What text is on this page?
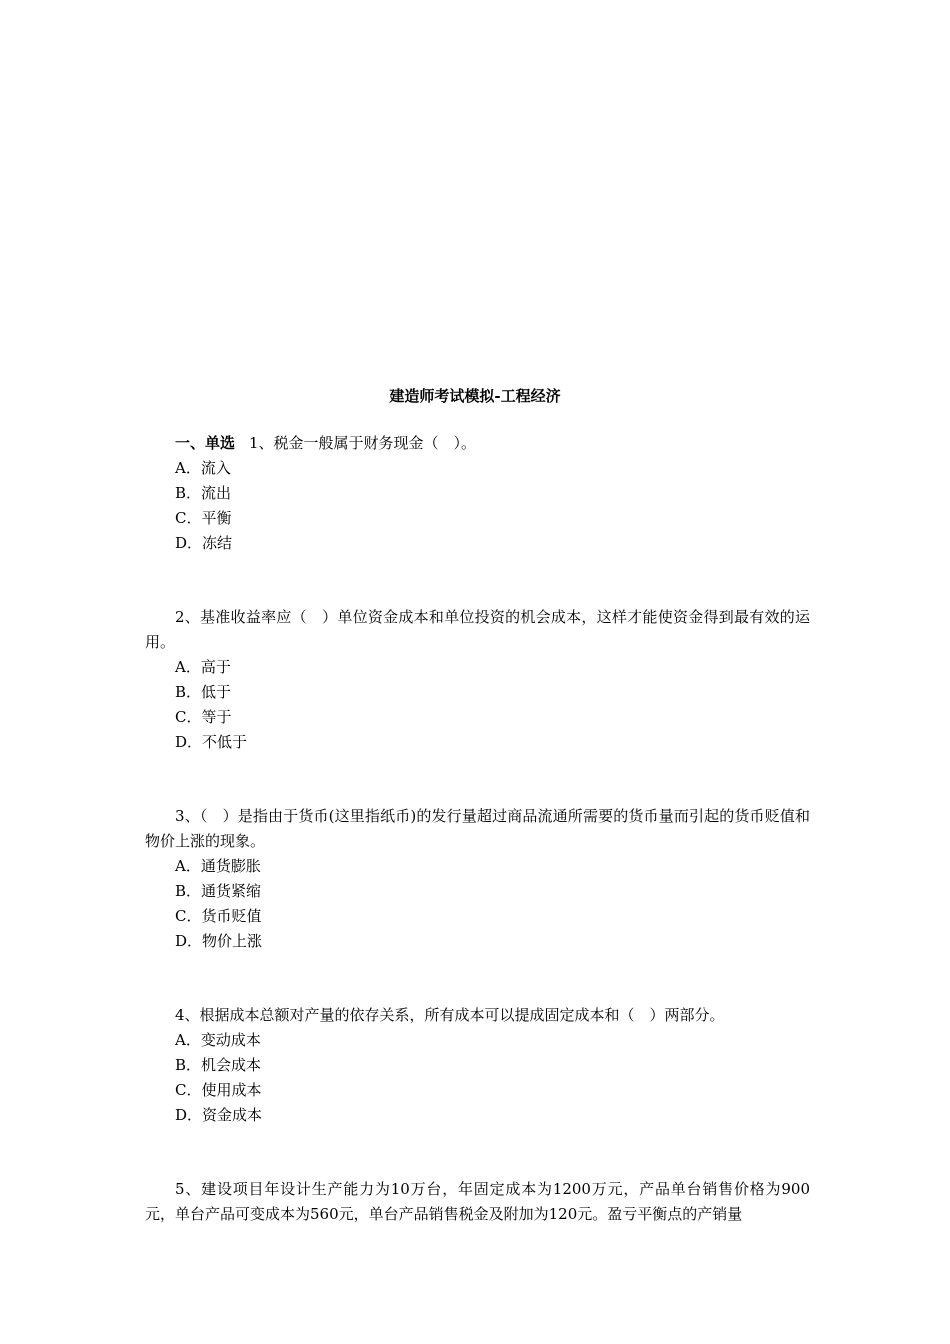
建造师考试模拟-工程经济
一、单选 1、税金一般属于财务现金（　）。
A．流入
B．流出
C．平衡
D．冻结
2、基准收益率应（　）单位资金成本和单位投资的机会成本，这样才能使资金得到最有效的运用。
A．高于
B．低于
C．等于
D．不低于
3、（　）是指由于货币(这里指纸币)的发行量超过商品流通所需要的货币量而引起的货币贬值和物价上涨的现象。
A．通货膨胀
B．通货紧缩
C．货币贬值
D．物价上涨
4、根据成本总额对产量的依存关系，所有成本可以提成固定成本和（　）两部分。
A．变动成本
B．机会成本
C．使用成本
D．资金成本
5、建设项目年设计生产能力为10万台，年固定成本为1200万元，产品单台销售价格为900元，单台产品可变成本为560元，单台产品销售税金及附加为120元。盈亏平衡点的产销量
